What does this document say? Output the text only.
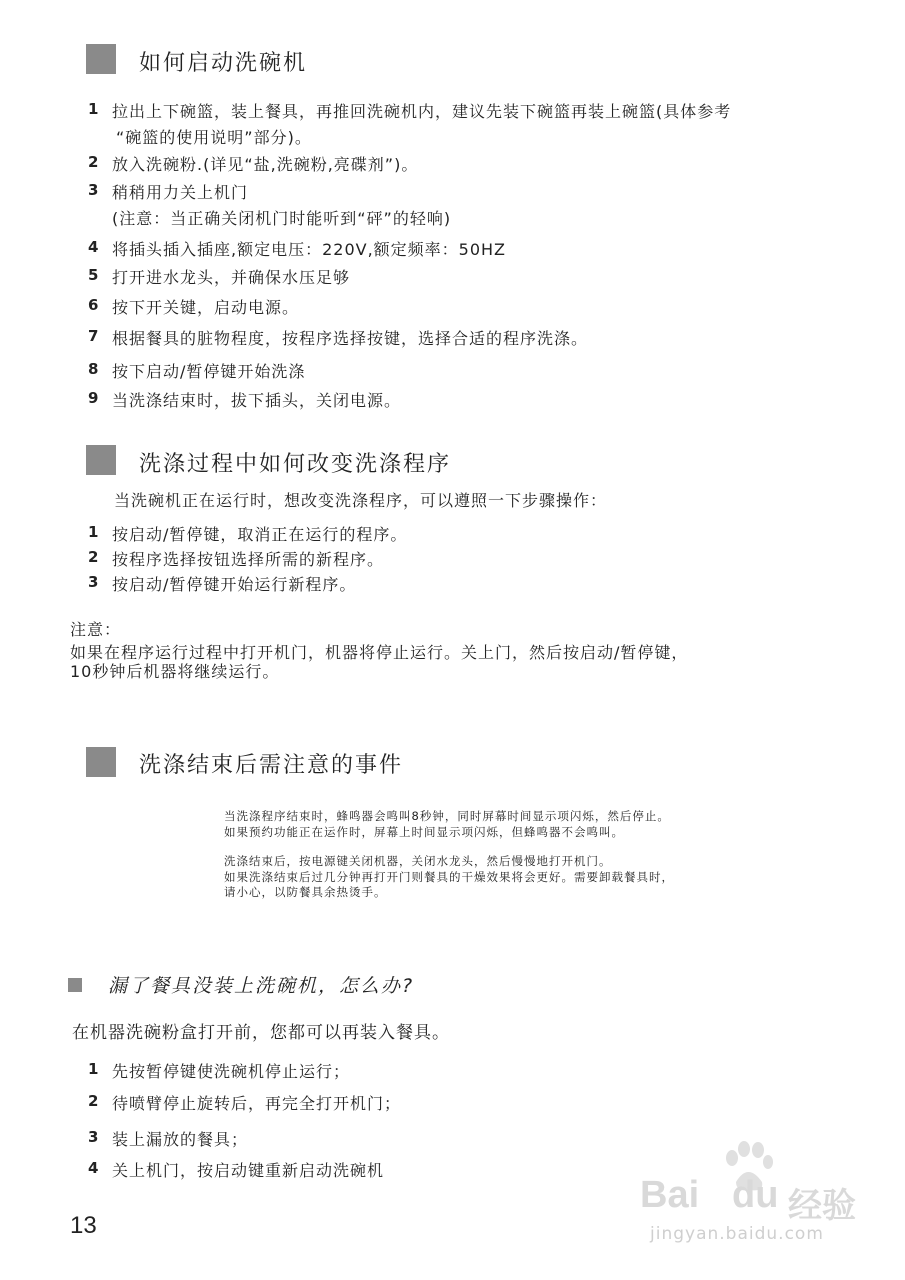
如何启动洗碗机
1 拉出上下碗篮，装上餐具，再推回洗碗机内，建议先装下碗篮再装上碗篮(具体参考
“碗篮的使用说明”部分)。
2 放入洗碗粉.(详见“盐,洗碗粉,亮碟剂”)。
3 稍稍用力关上机门
(注意：当正确关闭机门时能听到“砰”的轻响)
4 将插头插入插座,额定电压：220V,额定频率：50HZ
5 打开进水龙头，并确保水压足够
6 按下开关键，启动电源。
7 根据餐具的脏物程度，按程序选择按键，选择合适的程序洗涤。
8 按下启动/暂停键开始洗涤
9 当洗涤结束时，拔下插头，关闭电源。
洗涤过程中如何改变洗涤程序
当洗碗机正在运行时，想改变洗涤程序，可以遵照一下步骤操作：
1 按启动/暂停键，取消正在运行的程序。
2 按程序选择按钮选择所需的新程序。
3 按启动/暂停键开始运行新程序。
注意：
如果在程序运行过程中打开机门，机器将停止运行。关上门，然后按启动/暂停键，
10秒钟后机器将继续运行。
洗涤结束后需注意的事件
当洗涤程序结束时，蜂鸣器会鸣叫8秒钟，同时屏幕时间显示项闪烁，然后停止。
如果预约功能正在运作时，屏幕上时间显示项闪烁，但蜂鸣器不会鸣叫。
洗涤结束后，按电源键关闭机器，关闭水龙头，然后慢慢地打开机门。
如果洗涤结束后过几分钟再打开门则餐具的干燥效果将会更好。需要卸载餐具时，
请小心，以防餐具余热烫手。
漏了餐具没装上洗碗机，怎么办?
在机器洗碗粉盒打开前，您都可以再装入餐具。
1 先按暂停键使洗碗机停止运行；
2 待喷臂停止旋转后，再完全打开机门；
3 装上漏放的餐具；
4 关上机门，按启动键重新启动洗碗机
13
Bai du 经验
jingyan.baidu.com
